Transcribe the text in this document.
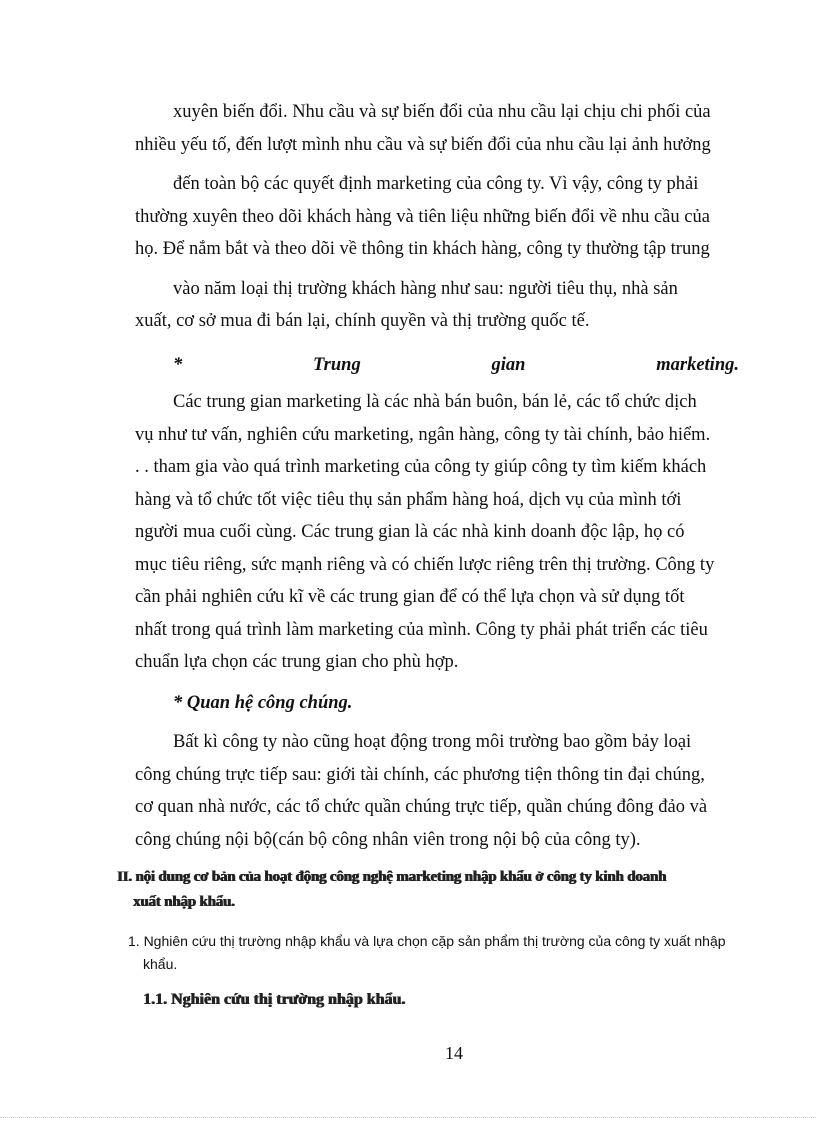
xuyên biến đổi. Nhu cầu và sự biến đổi của nhu cầu lại chịu chi phối của
nhiều yếu tố, đến lượt mình nhu cầu và sự biến đổi của nhu cầu lại ảnh hưởng
đến toàn bộ các quyết định marketing của công ty. Vì vậy, công ty phải
thường xuyên theo dõi khách hàng và tiên liệu những biến đổi về nhu cầu của
họ. Để nắm bắt và theo dõi về thông tin khách hàng, công ty thường tập trung
vào năm loại thị trường khách hàng như sau: người tiêu thụ, nhà sản
xuất, cơ sở mua đi bán lại, chính quyền và thị trường quốc tế.
*	Trung	gian	marketing.
Các trung gian marketing là các nhà bán buôn, bán lẻ, các tổ chức dịch
vụ như tư vấn, nghiên cứu marketing, ngân hàng, công ty tài chính, bảo hiểm.
. . tham gia vào quá trình marketing của công ty giúp công ty tìm kiếm khách
hàng và tổ chức tốt việc tiêu thụ sản phẩm hàng hoá, dịch vụ của mình tới
người mua cuối cùng. Các trung gian là các nhà kinh doanh độc lập, họ có
mục tiêu riêng, sức mạnh riêng và có chiến lược riêng trên thị trường. Công ty
cần phải nghiên cứu kĩ về các trung gian để có thể lựa chọn và sử dụng tốt
nhất trong quá trình làm marketing của mình. Công ty phải phát triển các tiêu
chuẩn lựa chọn các trung gian cho phù hợp.
* Quan hệ công chúng.
Bất kì công ty nào cũng hoạt động trong môi trường bao gồm bảy loại
công chúng trực tiếp sau: giới tài chính, các phương tiện thông tin đại chúng,
cơ quan nhà nước, các tổ chức quần chúng trực tiếp, quần chúng đông đảo và
công chúng nội bộ(cán bộ công nhân viên trong nội bộ của công ty).
II. nội dung cơ bản của hoạt động công nghệ marketing nhập khẩu ở công ty kinh doanh
xuất nhập khẩu.
1. Nghiên cứu thị trường nhập khẩu và lựa chọn cặp sản phẩm thị trường của công ty xuất nhập
khẩu.
1.1. Nghiên cứu thị trường nhập khẩu.
14
